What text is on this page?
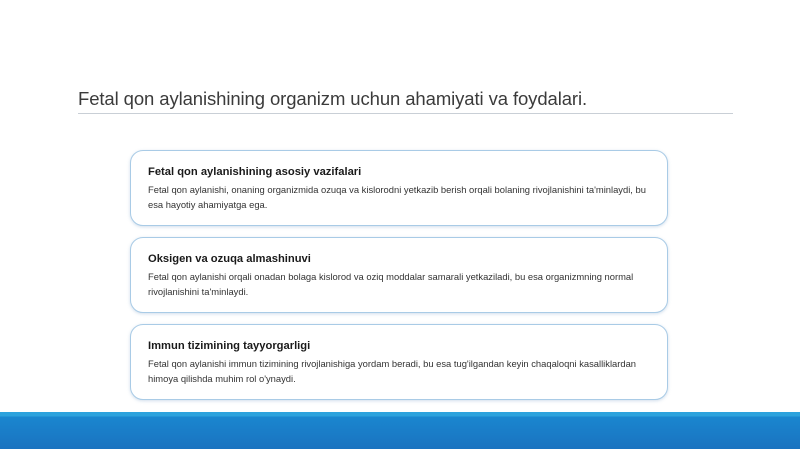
Fetal qon aylanishining organizm uchun ahamiyati va foydalari.
Fetal qon aylanishining asosiy vazifalari
Fetal qon aylanishi, onaning organizmida ozuqa va kislorodni yetkazib berish orqali bolaning rivojlanishini ta'minlaydi, bu esa hayotiy ahamiyatga ega.
Oksigen va ozuqa almashinuvi
Fetal qon aylanishi orqali onadan bolaga kislorod va oziq moddalar samarali yetkaziladi, bu esa organizmning normal rivojlanishini ta'minlaydi.
Immun tizimining tayyorgarligi
Fetal qon aylanishi immun tizimining rivojlanishiga yordam beradi, bu esa tug'ilgandan keyin chaqaloqni kasalliklardan himoya qilishda muhim rol o'ynaydi.
